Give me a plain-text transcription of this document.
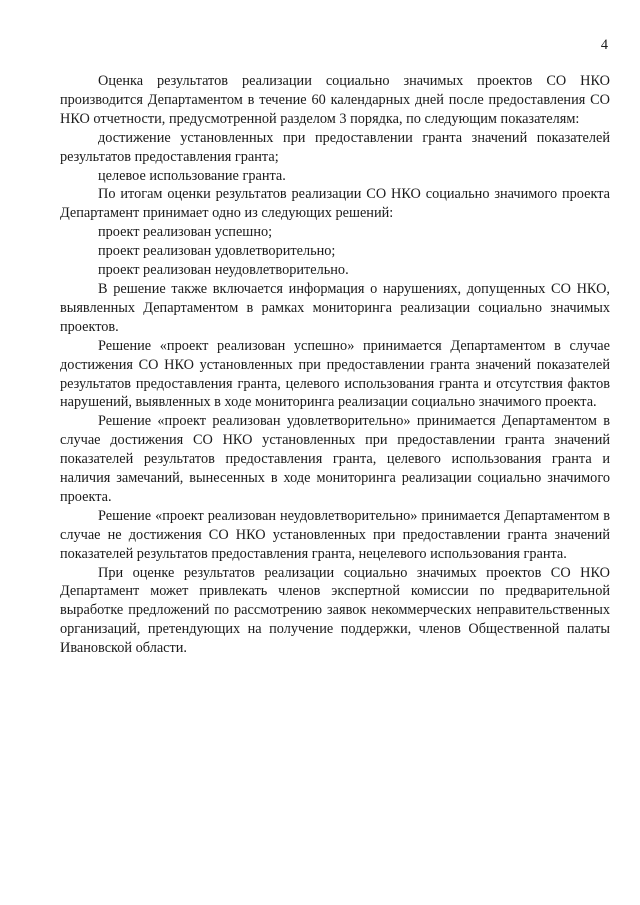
4

Оценка результатов реализации социально значимых проектов СО НКО производится Департаментом в течение 60 календарных дней после предоставления СО НКО отчетности, предусмотренной разделом 3 порядка, по следующим показателям:

достижение установленных при предоставлении гранта значений показателей результатов предоставления гранта;

целевое использование гранта.

По итогам оценки результатов реализации СО НКО социально значимого проекта Департамент принимает одно из следующих решений:

проект реализован успешно;

проект реализован удовлетворительно;

проект реализован неудовлетворительно.

В решение также включается информация о нарушениях, допущенных СО НКО, выявленных Департаментом в рамках мониторинга реализации социально значимых проектов.

Решение «проект реализован успешно» принимается Департаментом в случае достижения СО НКО установленных при предоставлении гранта значений показателей результатов предоставления гранта, целевого использования гранта и отсутствия фактов нарушений, выявленных в ходе мониторинга реализации социально значимого проекта.

Решение «проект реализован удовлетворительно» принимается Департаментом в случае достижения СО НКО установленных при предоставлении гранта значений показателей результатов предоставления гранта, целевого использования гранта и наличия замечаний, вынесенных в ходе мониторинга реализации социально значимого проекта.

Решение «проект реализован неудовлетворительно» принимается Департаментом в случае не достижения СО НКО установленных при предоставлении гранта значений показателей результатов предоставления гранта, нецелевого использования гранта.

При оценке результатов реализации социально значимых проектов СО НКО Департамент может привлекать членов экспертной комиссии по предварительной выработке предложений по рассмотрению заявок некоммерческих неправительственных организаций, претендующих на получение поддержки, членов Общественной палаты Ивановской области.
